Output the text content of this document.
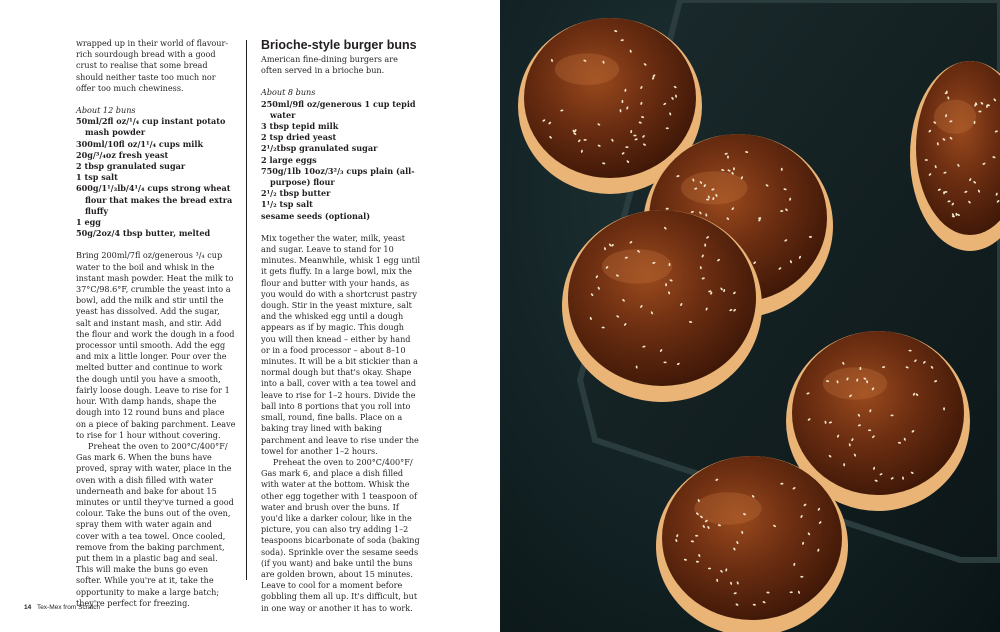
wrapped up in their world of flavour-rich sourdough bread with a good crust to realise that some bread should neither taste too much nor offer too much chewiness.

About 12 buns

50ml/2fl oz/¹/₄ cup instant potato mash powder
300ml/10fl oz/1¹/₄ cups milk
20g/³/₄oz fresh yeast
2 tbsp granulated sugar
1 tsp salt
600g/1¹/₃lb/4¹/₄ cups strong wheat flour that makes the bread extra fluffy
1 egg
50g/2oz/4 tbsp butter, melted

Bring 200ml/7fl oz/generous ³/₄ cup water to the boil and whisk in the instant mash powder. Heat the milk to 37°C/98.6°F, crumble the yeast into a bowl, add the milk and stir until the yeast has dissolved. Add the sugar, salt and instant mash, and stir. Add the flour and work the dough in a food processor until smooth. Add the egg and mix a little longer. Pour over the melted butter and continue to work the dough until you have a smooth, fairly loose dough. Leave to rise for 1 hour. With damp hands, shape the dough into 12 round buns and place on a piece of baking parchment. Leave to rise for 1 hour without covering.

Preheat the oven to 200°C/400°F/ Gas mark 6. When the buns have proved, spray with water, place in the oven with a dish filled with water underneath and bake for about 15 minutes or until they've turned a good colour. Take the buns out of the oven, spray them with water again and cover with a tea towel. Once cooled, remove from the baking parchment, put them in a plastic bag and seal. This will make the buns go even softer. While you're at it, take the opportunity to make a large batch; they're perfect for freezing.

Brioche-style burger buns

American fine-dining burgers are often served in a brioche bun.

About 8 buns

250ml/9fl oz/generous 1 cup tepid water
3 tbsp tepid milk
2 tsp dried yeast
2¹/₂tbsp granulated sugar
2 large eggs
750g/1lb 10oz/3²/₃ cups plain (all-purpose) flour
2¹/₂ tbsp butter
1¹/₂ tsp salt
sesame seeds (optional)

Mix together the water, milk, yeast and sugar. Leave to stand for 10 minutes. Meanwhile, whisk 1 egg until it gets fluffy. In a large bowl, mix the flour and butter with your hands, as you would do with a shortcrust pastry dough. Stir in the yeast mixture, salt and the whisked egg until a dough appears as if by magic. This dough you will then knead – either by hand or in a food processor – about 8–10 minutes. It will be a bit stickier than a normal dough but that's okay. Shape into a ball, cover with a tea towel and leave to rise for 1–2 hours. Divide the ball into 8 portions that you roll into small, round, fine balls. Place on a baking tray lined with baking parchment and leave to rise under the towel for another 1–2 hours.

Preheat the oven to 200°C/400°F/ Gas mark 6, and place a dish filled with water at the bottom. Whisk the other egg together with 1 teaspoon of water and brush over the buns. If you'd like a darker colour, like in the picture, you can also try adding 1–2 teaspoons bicarbonate of soda (baking soda). Sprinkle over the sesame seeds (if you want) and bake until the buns are golden brown, about 15 minutes. Leave to cool for a moment before gobbling them all up. It's difficult, but in one way or another it has to work.

14 Tex-Mex from Scratch
